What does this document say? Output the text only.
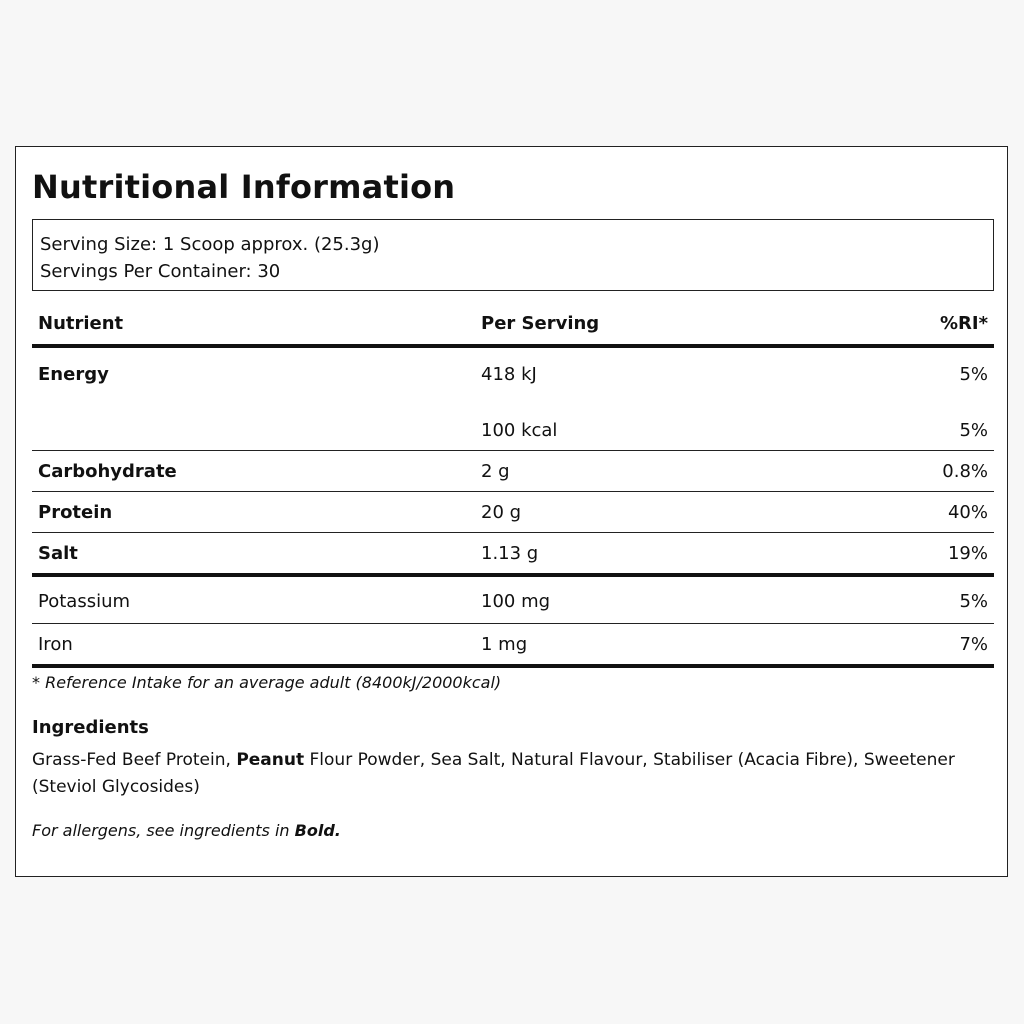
Nutritional Information
Serving Size: 1 Scoop approx. (25.3g)
Servings Per Container: 30
Nutrient	Per Serving	%RI*
Energy	418 kJ	5%
	100 kcal	5%
Carbohydrate	2 g	0.8%
Protein	20 g	40%
Salt	1.13 g	19%
Potassium	100 mg	5%
Iron	1 mg	7%
* Reference Intake for an average adult (8400kJ/2000kcal)
Ingredients
Grass-Fed Beef Protein, Peanut Flour Powder, Sea Salt, Natural Flavour, Stabiliser (Acacia Fibre), Sweetener (Steviol Glycosides)
For allergens, see ingredients in Bold.
